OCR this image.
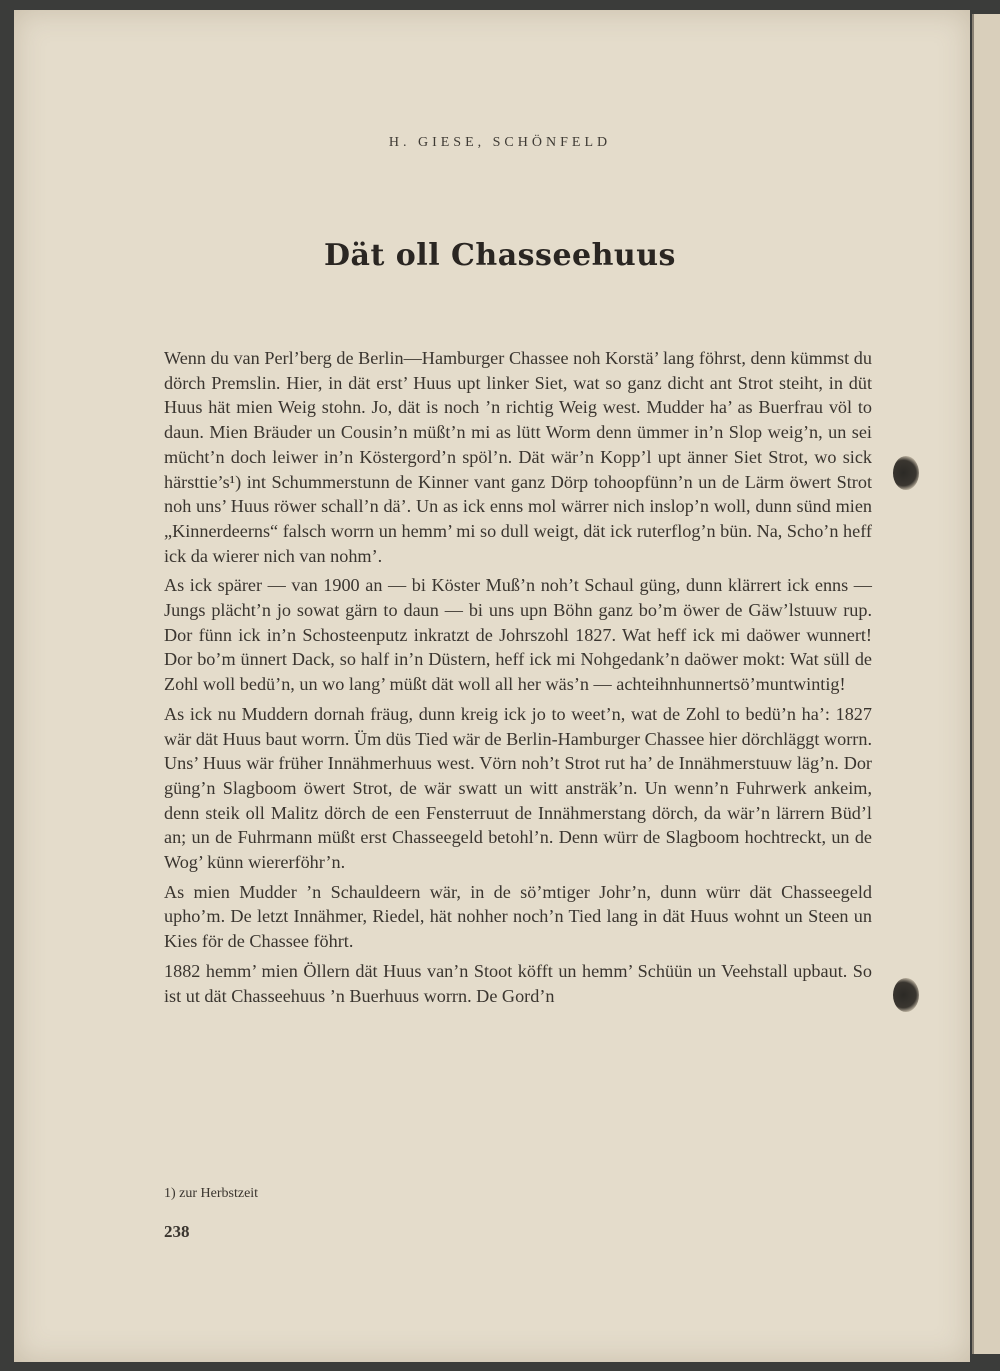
H. GIESE, SCHÖNFELD
Dät oll Chasseehuus

Wenn du van Perl’berg de Berlin—Hamburger Chassee noh Korstä’ lang föhrst, denn kümmst du dörch Premslin. Hier, in dät erst’ Huus upt linker Siet, wat so ganz dicht ant Strot steiht, in düt Huus hät mien Weig stohn. Jo, dät is noch ’n richtig Weig west. Mudder ha’ as Buerfrau völ to daun. Mien Bräuder un Cousin’n müßt’n mi as lütt Worm denn ümmer in’n Slop weig’n, un sei mücht’n doch leiwer in’n Köstergord’n spöl’n. Dät wär’n Kopp’l upt änner Siet Strot, wo sick härsttie’s¹) int Schummerstunn de Kinner vant ganz Dörp tohoopfünn’n un de Lärm öwert Strot noh uns’ Huus röwer schall’n dä’. Un as ick enns mol wärrer nich inslop’n woll, dunn sünd mien „Kinnerdeerns“ falsch worrn un hemm’ mi so dull weigt, dät ick ruterflog’n bün. Na, Scho’n heff ick da wierer nich van nohm’.

As ick spärer — van 1900 an — bi Köster Muß’n noh’t Schaul güng, dunn klärrert ick enns — Jungs plächt’n jo sowat gärn to daun — bi uns upn Böhn ganz bo’m öwer de Gäw’lstuuw rup. Dor fünn ick in’n Schosteenputz inkratzt de Johrszohl 1827. Wat heff ick mi daöwer wunnert! Dor bo’m ünnert Dack, so half in’n Düstern, heff ick mi Nohgedank’n daöwer mokt: Wat süll de Zohl woll bedü’n, un wo lang’ müßt dät woll all her wäs’n — achteihnhunnertsö’muntwintig!

As ick nu Muddern dornah fräug, dunn kreig ick jo to weet’n, wat de Zohl to bedü’n ha’: 1827 wär dät Huus baut worrn. Üm düs Tied wär de Berlin-Hamburger Chassee hier dörchläggt worrn. Uns’ Huus wär früher Innähmerhuus west. Vörn noh’t Strot rut ha’ de Innähmerstuuw läg’n. Dor güng’n Slagboom öwert Strot, de wär swatt un witt ansträk’n. Un wenn’n Fuhrwerk ankeim, denn steik oll Malitz dörch de een Fensterruut de Innähmerstang dörch, da wär’n lärrern Büd’l an; un de Fuhrmann müßt erst Chasseegeld betohl’n. Denn würr de Slagboom hochtreckt, un de Wog’ künn wiererföhr’n.

As mien Mudder ’n Schauldeern wär, in de sö’mtiger Johr’n, dunn würr dät Chasseegeld upho’m. De letzt Innähmer, Riedel, hät nohher noch’n Tied lang in dät Huus wohnt un Steen un Kies för de Chassee föhrt.

1882 hemm’ mien Öllern dät Huus van’n Stoot köfft un hemm’ Schüün un Veehstall upbaut. So ist ut dät Chasseehuus ’n Buerhuus worrn. De Gord’n

1) zur Herbstzeit
238
